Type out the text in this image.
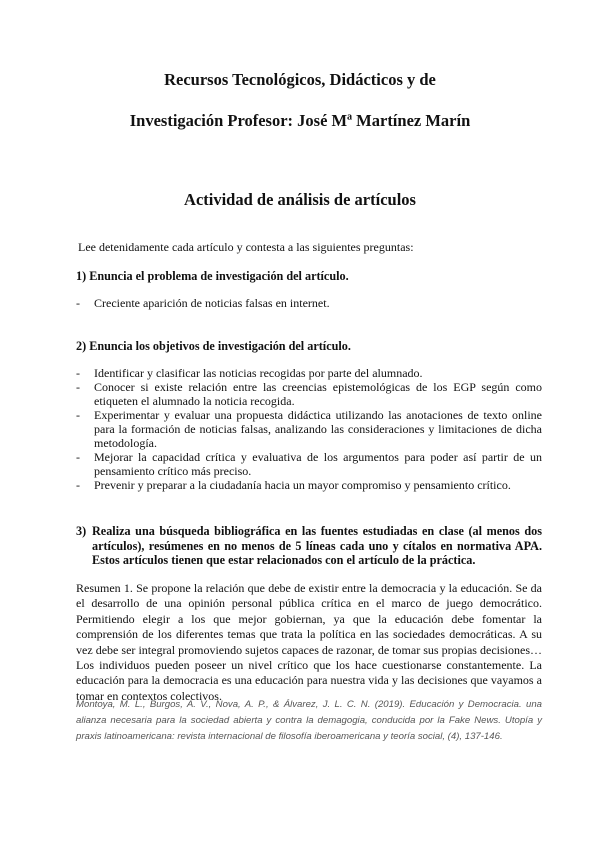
Recursos Tecnológicos, Didácticos y de
Investigación Profesor: José Mª Martínez Marín
Actividad de análisis de artículos
Lee detenidamente cada artículo y contesta a las siguientes preguntas:
1) Enuncia el problema de investigación del artículo.
- Creciente aparición de noticias falsas en internet.
2) Enuncia los objetivos de investigación del artículo.
- Identificar y clasificar las noticias recogidas por parte del alumnado.
- Conocer si existe relación entre las creencias epistemológicas de los EGP según como etiqueten el alumnado la noticia recogida.
- Experimentar y evaluar una propuesta didáctica utilizando las anotaciones de texto online para la formación de noticias falsas, analizando las consideraciones y limitaciones de dicha metodología.
- Mejorar la capacidad crítica y evaluativa de los argumentos para poder así partir de un pensamiento crítico más preciso.
- Prevenir y preparar a la ciudadanía hacia un mayor compromiso y pensamiento crítico.
3) Realiza una búsqueda bibliográfica en las fuentes estudiadas en clase (al menos dos artículos), resúmenes en no menos de 5 líneas cada uno y cítalos en normativa APA. Estos artículos tienen que estar relacionados con el artículo de la práctica.

Resumen 1. Se propone la relación que debe de existir entre la democracia y la educación. Se da el desarrollo de una opinión personal pública crítica en el marco de juego democrático. Permitiendo elegir a los que mejor gobiernan, ya que la educación debe fomentar la comprensión de los diferentes temas que trata la política en las sociedades democráticas. A su vez debe ser integral promoviendo sujetos capaces de razonar, de tomar sus propias decisiones…Los individuos pueden poseer un nivel crítico que los hace cuestionarse constantemente. La educación para la democracia es una educación para nuestra vida y las decisiones que vayamos a tomar en contextos colectivos.

Montoya, M. L., Burgos, A. V., Nova, A. P., & Álvarez, J. L. C. N. (2019). Educación y Democracia. una alianza necesaria para la sociedad abierta y contra la demagogia, conducida por la Fake News. Utopía y praxis latinoamericana: revista internacional de filosofía iberoamericana y teoría social, (4), 137-146.
